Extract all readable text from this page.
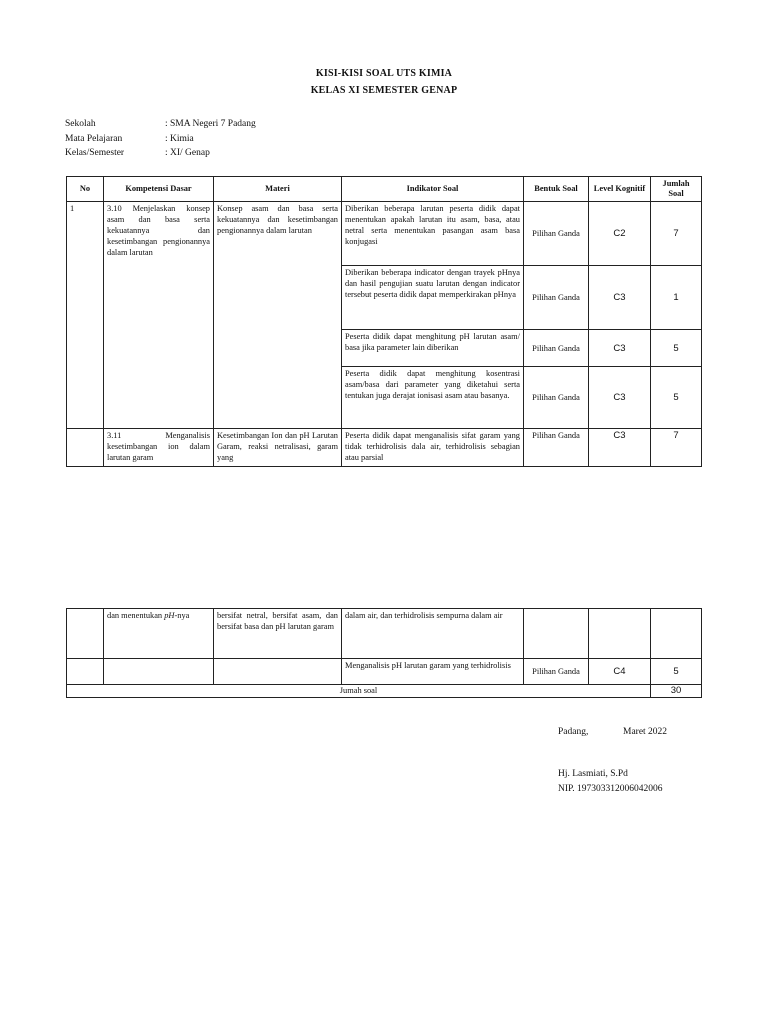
KISI-KISI SOAL UTS KIMIA
KELAS XI SEMESTER GENAP
Sekolah	: SMA Negeri 7 Padang
Mata Pelajaran	: Kimia
Kelas/Semester	: XI/ Genap
No	Kompetensi Dasar	Materi	Indikator Soal	Bentuk Soal	Level Kognitif	Jumlah Soal
1	3.10 Menjelaskan konsep asam dan basa serta kekuatannya dan kesetimbangan pengionannya dalam larutan	Konsep asam dan basa serta kekuatannya dan kesetimbangan pengionannya dalam larutan	Diberikan beberapa larutan peserta didik dapat menentukan apakah larutan itu asam, basa, atau netral serta menentukan pasangan asam basa konjugasi	Pilihan Ganda	C2	7
			Diberikan beberapa indicator dengan trayek pHnya dan hasil pengujian suatu larutan dengan indicator tersebut peserta didik dapat memperkirakan pHnya	Pilihan Ganda	C3	1
			Peserta didik dapat menghitung pH larutan asam/ basa jika parameter lain diberikan	Pilihan Ganda	C3	5
			Peserta didik dapat menghitung kosentrasi asam/basa dari parameter yang diketahui serta tentukan juga derajat ionisasi asam atau basanya.	Pilihan Ganda	C3	5

	3.11 Menganalisis kesetimbangan ion dalam larutan garam	Kesetimbangan Ion dan pH Larutan Garam, reaksi netralisasi, garam yang	Peserta didik dapat menganalisis sifat garam yang tidak terhidrolisis dala air, terhidrolisis sebagian atau parsial	Pilihan Ganda	C3	7
	dan menentukan pH-nya	bersifat netral, bersifat asam, dan bersifat basa dan pH larutan garam	dalam air, dan terhidrolisis sempurna dalam air			
			Menganalisis pH larutan garam yang terhidrolisis	Pilihan Ganda	C4	5
Jumah soal						30
Padang,	Maret 2022
Hj. Lasmiati, S.Pd
NIP. 197303312006042006
